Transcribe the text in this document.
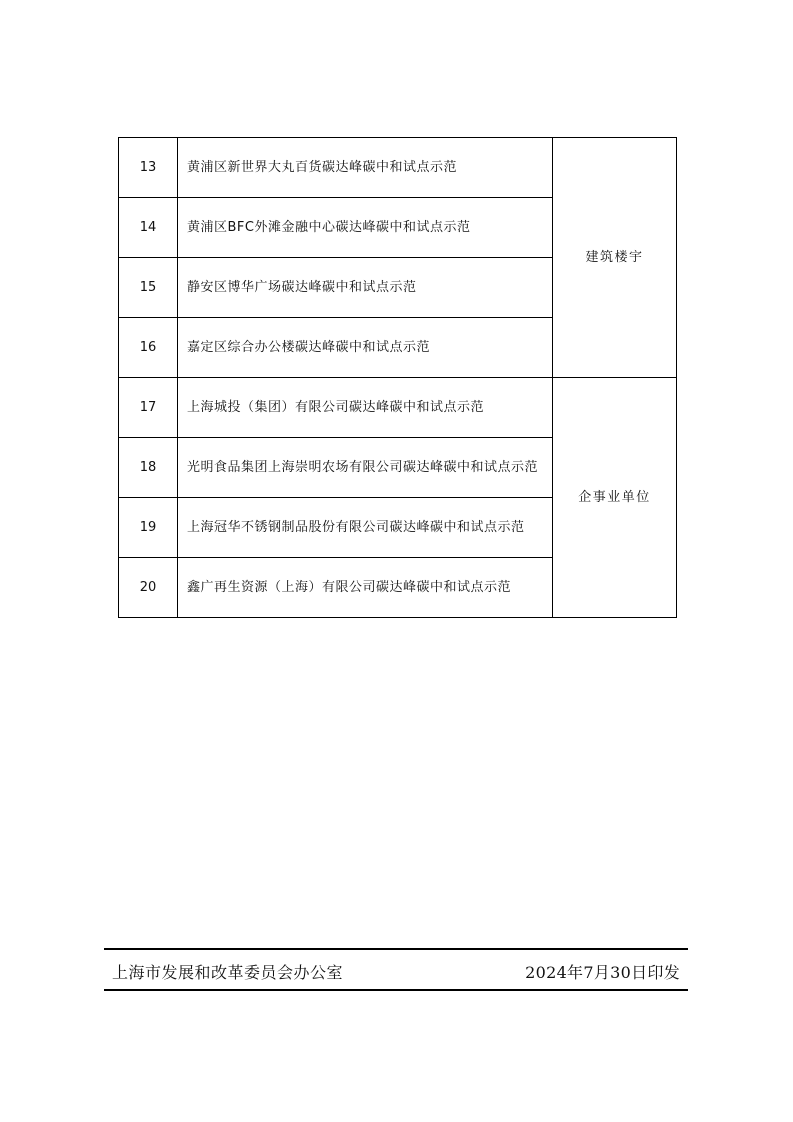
13	黄浦区新世界大丸百货碳达峰碳中和试点示范	建筑楼宇
14	黄浦区BFC外滩金融中心碳达峰碳中和试点示范	
15	静安区博华广场碳达峰碳中和试点示范	
16	嘉定区综合办公楼碳达峰碳中和试点示范	
17	上海城投（集团）有限公司碳达峰碳中和试点示范	企事业单位
18	光明食品集团上海崇明农场有限公司碳达峰碳中和试点示范	
19	上海冠华不锈钢制品股份有限公司碳达峰碳中和试点示范	
20	鑫广再生资源（上海）有限公司碳达峰碳中和试点示范	
上海市发展和改革委员会办公室	2024年7月30日印发
